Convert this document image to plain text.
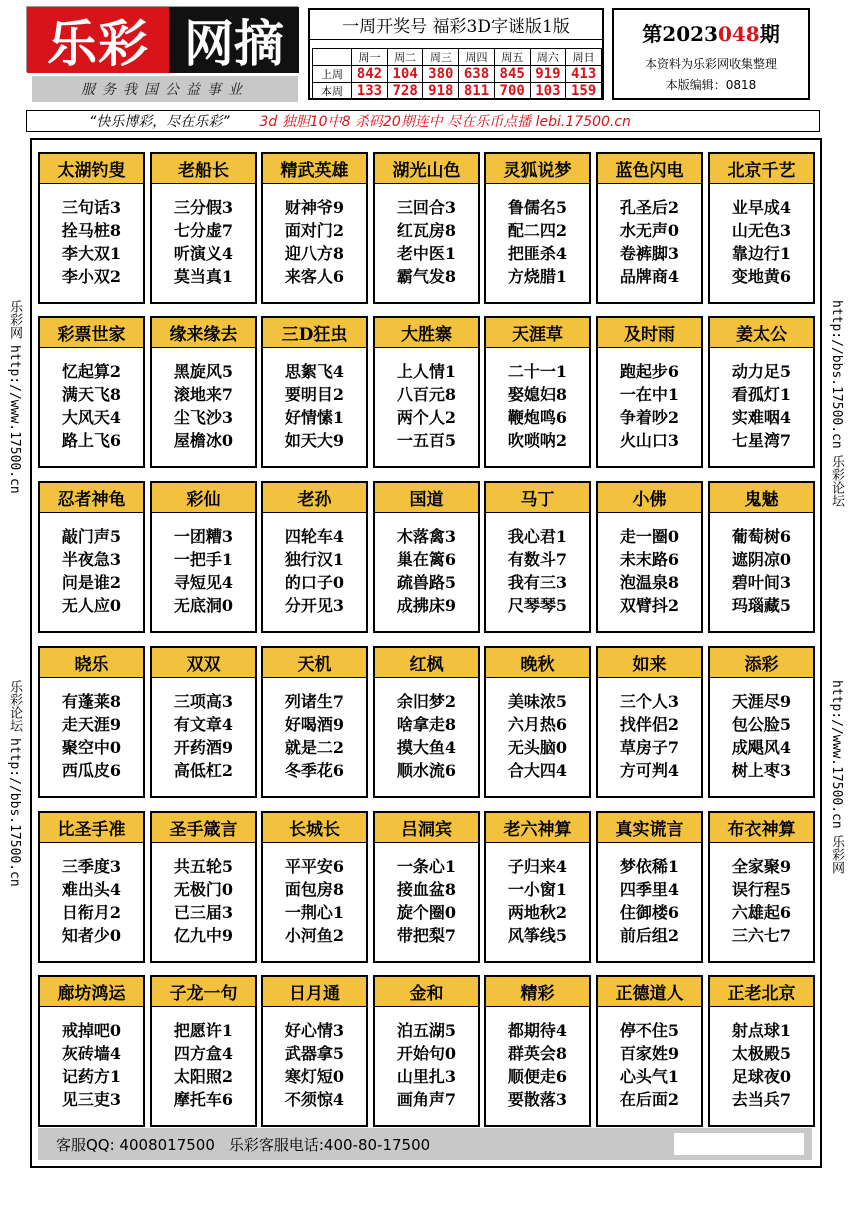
乐彩 网摘
服务我国公益事业
一周开奖号 福彩3D字谜版1版
	周一	周二	周三	周四	周五	周六	周日
上周	842	104	380	638	845	919	413
本周	133	728	918	811	700	103	159
第2023048期
本资料为乐彩网收集整理
本版编辑：0818
“快乐博彩，尽在乐彩” 3d 独胆10中8 杀码20期连中 尽在乐币点播 lebi.17500.cn
乐彩网
http://www.17500.cn
乐彩论坛
http://bbs.17500.cn
http://bbs.17500.cn
乐彩论坛
http://www.17500.cn
乐彩网
太湖钓叟
三句话3
拴马桩8
李大双1
李小双2
老船长
三分假3
七分虚7
听演义4
莫当真1
精武英雄
财神爷9
面对门2
迎八方8
来客人6
湖光山色
三回合3
红瓦房8
老中医1
霸气发8
灵狐说梦
鲁儒名5
配二四2
把匪杀4
方烧腊1
蓝色闪电
孔圣后2
水无声0
卷裤脚3
品牌商4
北京千艺
业早成4
山无色3
靠边行1
变地黄6
彩票世家
忆起算2
满天飞8
大风天4
路上飞6
缘来缘去
黑旋风5
滚地来7
尘飞沙3
屋檐冰0
三D狂虫
思絮飞4
要明目2
好情愫1
如天大9
大胜寨
上人情1
八百元8
两个人2
一五百5
天涯草
二十一1
娶媳妇8
鞭炮鸣6
吹唢呐2
及时雨
跑起步6
一在中1
争着吵2
火山口3
姜太公
动力足5
看孤灯1
实难咽4
七星湾7
忍者神龟
敲门声5
半夜急3
问是谁2
无人应0
彩仙
一团糟3
一把手1
寻短见4
无底洞0
老孙
四轮车4
独行汉1
的口子0
分开见3
国道
木落禽3
巢在篱6
疏兽路5
成拂床9
马丁
我心君1
有数斗7
我有三3
尺琴琴5
小佛
走一圈0
未末路6
泡温泉8
双臂抖2
鬼魅
葡萄树6
遮阴凉0
碧叶间3
玛瑙藏5
晓乐
有蓬莱8
走天涯9
聚空中0
西瓜皮6
双双
三项高3
有文章4
开药酒9
高低杠2
天机
列诸生7
好喝酒9
就是二2
冬季花6
红枫
余旧梦2
啥拿走8
摸大鱼4
顺水流6
晚秋
美味浓5
六月热6
无头脑0
合大四4
如来
三个人3
找伴侣2
草房子7
方可判4
添彩
天涯尽9
包公脸5
成飓风4
树上枣3
比圣手准
三季度3
难出头4
日衔月2
知者少0
圣手箴言
共五轮5
无极门0
已三届3
亿九中9
长城长
平平安6
面包房8
一荆心1
小河鱼2
吕洞宾
一条心1
接血盆8
旋个圈0
带把梨7
老六神算
子归来4
一小窗1
两地秋2
风筝线5
真实谎言
梦依稀1
四季里4
住御楼6
前后组2
布衣神算
全家聚9
误行程5
六雄起6
三六七7
廊坊鸿运
戒掉吧0
灰砖墙4
记药方1
见三吏3
子龙一句
把愿许1
四方盒4
太阳照2
摩托车6
日月通
好心情3
武器拿5
寒灯短0
不须惊4
金和
泊五湖5
开始句0
山里扎3
画角声7
精彩
都期待4
群英会8
顺便走6
要散落3
正德道人
停不住5
百家姓9
心头气1
在后面2
正老北京
射点球1
太极殿5
足球夜0
去当兵7
客服QQ: 4008017500 乐彩客服电话:400-80-17500
